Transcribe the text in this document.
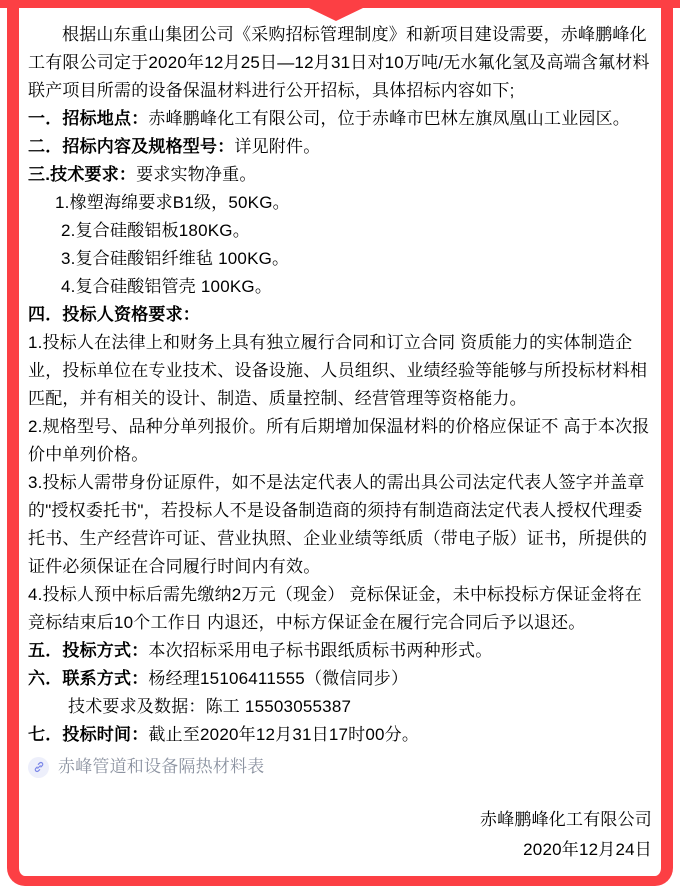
根据山东重山集团公司《采购招标管理制度》和新项目建设需要，赤峰鹏峰化工有限公司定于2020年12月25日—12月31日对10万吨/无水氟化氢及高端含氟材料联产项目所需的设备保温材料进行公开招标，具体招标内容如下;

一．招标地点：赤峰鹏峰化工有限公司，位于赤峰市巴林左旗凤凰山工业园区。

二．招标内容及规格型号：详见附件。

三.技术要求：要求实物净重。

1.橡塑海绵要求B1级，50KG。

2.复合硅酸铝板180KG。

3.复合硅酸铝纤维毡 100KG。

4.复合硅酸铝管壳 100KG。

四．投标人资格要求：

1.投标人在法律上和财务上具有独立履行合同和订立合同 资质能力的实体制造企业，投标单位在专业技术、设备设施、人员组织、业绩经验等能够与所投标材料相匹配，并有相关的设计、制造、质量控制、经营管理等资格能力。

2.规格型号、品种分单列报价。所有后期增加保温材料的价格应保证不 高于本次报价中单列价格。

3.投标人需带身份证原件，如不是法定代表人的需出具公司法定代表人签字并盖章的"授权委托书"，若投标人不是设备制造商的须持有制造商法定代表人授权代理委托书、生产经营许可证、营业执照、企业业绩等纸质（带电子版）证书，所提供的证件必须保证在合同履行时间内有效。

4.投标人预中标后需先缴纳2万元（现金） 竞标保证金，未中标投标方保证金将在竞标结束后10个工作日 内退还，中标方保证金在履行完合同后予以退还。

五．投标方式：本次招标采用电子标书跟纸质标书两种形式。

六．联系方式：杨经理15106411555（微信同步）

技术要求及数据：陈工 15503055387

七．投标时间：截止至2020年12月31日17时00分。

赤峰管道和设备隔热材料表

赤峰鹏峰化工有限公司

2020年12月24日
